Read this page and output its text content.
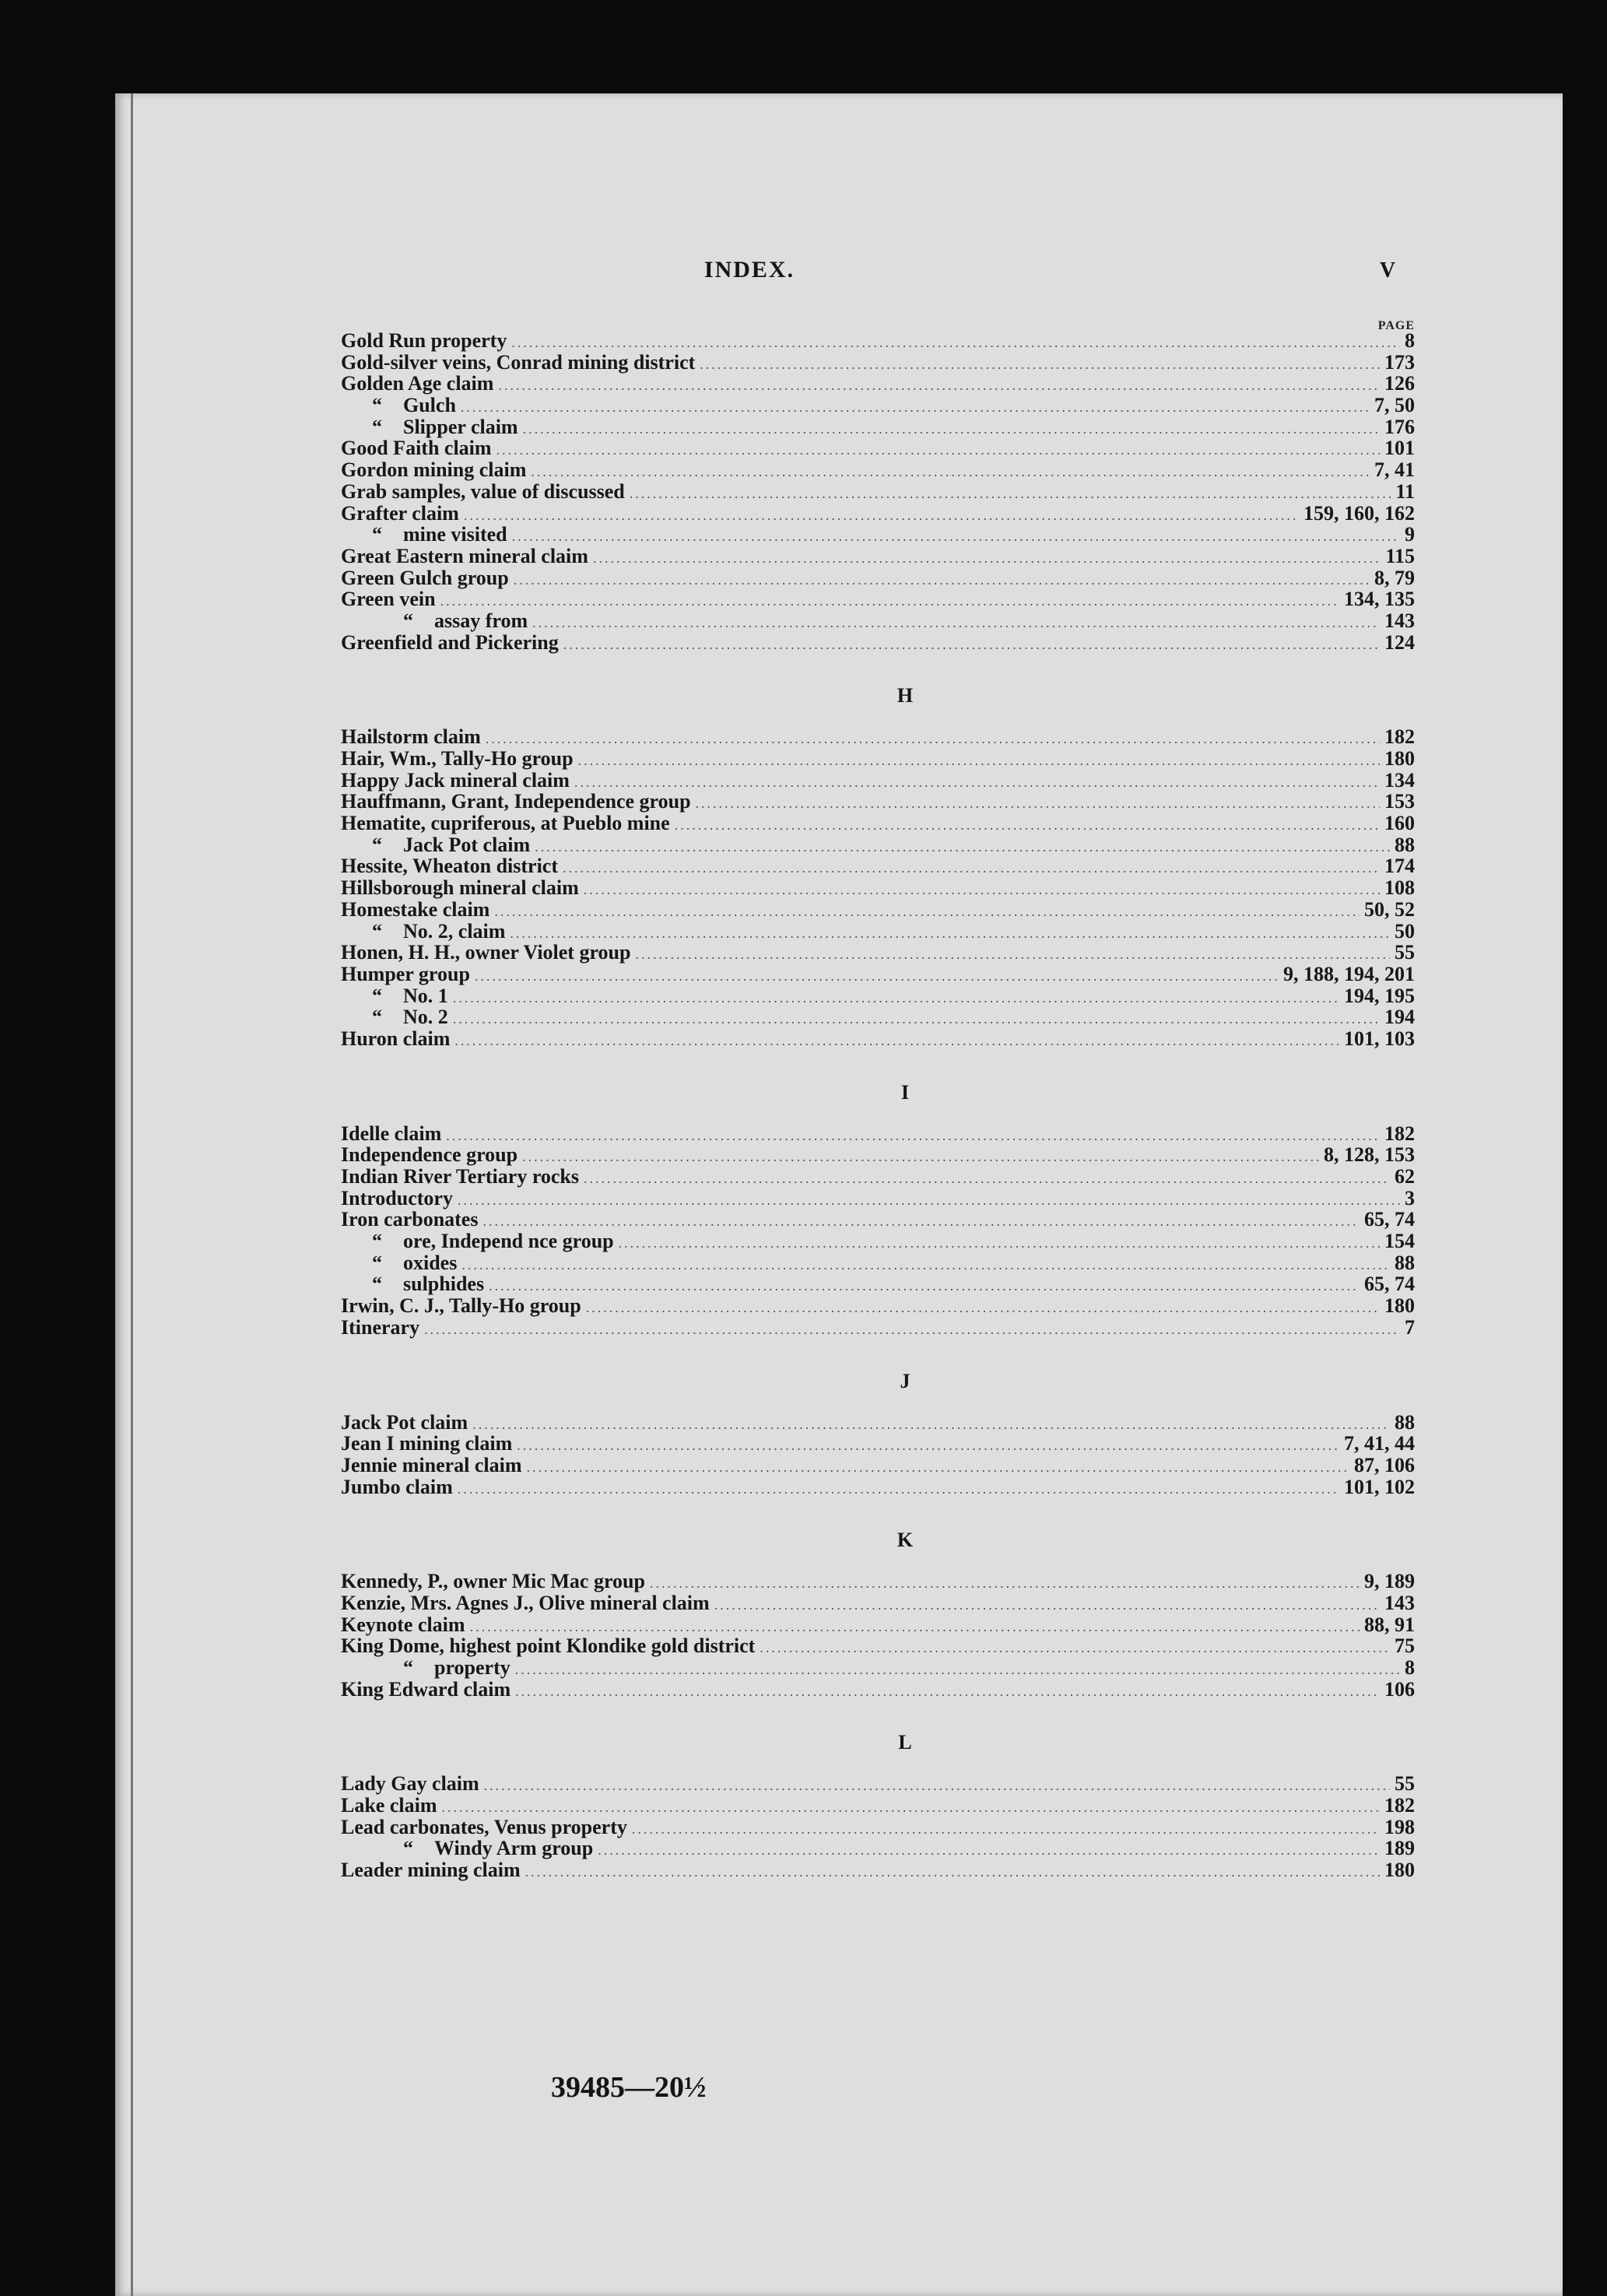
INDEX.	V
PAGE
Gold Run property .....	8
Gold-silver veins, Conrad mining district .....	173
Golden Age claim .....	126
“ Gulch .....	7, 50
“ Slipper claim .....	176
Good Faith claim .....	101
Gordon mining claim .....	7, 41
Grab samples, value of discussed .....	11
Grafter claim .....	159, 160, 162
“ mine visited .....	9
Great Eastern mineral claim .....	115
Green Gulch group .....	8, 79
Green vein .....	134, 135
“ assay from .....	143
Greenfield and Pickering .....	124
H
Hailstorm claim .....	182
Hair, Wm., Tally-Ho group .....	180
Happy Jack mineral claim .....	134
Hauffmann, Grant, Independence group .....	153
Hematite, cupriferous, at Pueblo mine .....	160
“ Jack Pot claim .....	88
Hessite, Wheaton district .....	174
Hillsborough mineral claim .....	108
Homestake claim .....	50, 52
“ No. 2, claim .....	50
Honen, H. H., owner Violet group .....	55
Humper group .....	9, 188, 194, 201
“ No. 1 .....	194, 195
“ No. 2 .....	194
Huron claim .....	101, 103
I
Idelle claim .....	182
Independence group .....	8, 128, 153
Indian River Tertiary rocks .....	62
Introductory .....	3
Iron carbonates .....	65, 74
“ ore, Independ nce group .....	154
“ oxides .....	88
“ sulphides .....	65, 74
Irwin, C. J., Tally-Ho group .....	180
Itinerary .....	7
J
Jack Pot claim .....	88
Jean I mining claim .....	7, 41, 44
Jennie mineral claim .....	87, 106
Jumbo claim .....	101, 102
K
Kennedy, P., owner Mic Mac group .....	9, 189
Kenzie, Mrs. Agnes J., Olive mineral claim .....	143
Keynote claim .....	88, 91
King Dome, highest point Klondike gold district .....	75
“ property .....	8
King Edward claim .....	106
L
Lady Gay claim .....	55
Lake claim .....	182
Lead carbonates, Venus property .....	198
“ Windy Arm group .....	189
Leader mining claim .....	180
39485—20½
